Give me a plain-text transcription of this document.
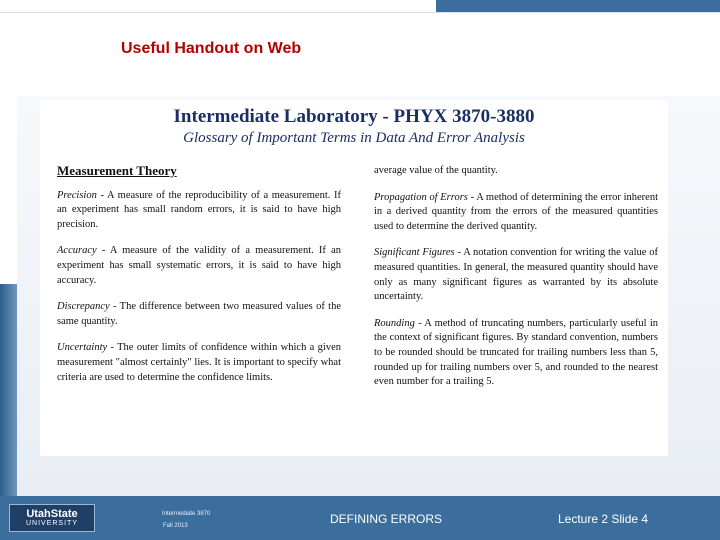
Useful Handout on Web
Intermediate Laboratory - PHYX 3870-3880
Glossary of Important Terms in Data And Error Analysis
Measurement Theory
Precision - A measure of the reproducibility of a measurement. If an experiment has small random errors, it is said to have high precision.
Accuracy - A measure of the validity of a measurement. If an experiment has small systematic errors, it is said to have high accuracy.
Discrepancy - The difference between two measured values of the same quantity.
Uncertainty - The outer limits of confidence within which a given measurement "almost certainly" lies. It is important to specify what criteria are used to determine the confidence limits.
average value of the quantity.
Propagation of Errors - A method of determining the error inherent in a derived quantity from the errors of the measured quantities used to determine the derived quantity.
Significant Figures - A notation convention for writing the value of measured quantities. In general, the measured quantity should have only as many significant figures as warranted by its absolute uncertainty.
Rounding - A method of truncating numbers, particularly useful in the context of significant figures. By standard convention, numbers to be rounded should be truncated for trailing numbers less than 5, rounded up for trailing numbers over 5, and rounded to the nearest even number for a trailing 5.
UtahState
UNIVERSITY
Intermediate 3870
Fall 2013	DEFINING ERRORS	Lecture 2 Slide 4
